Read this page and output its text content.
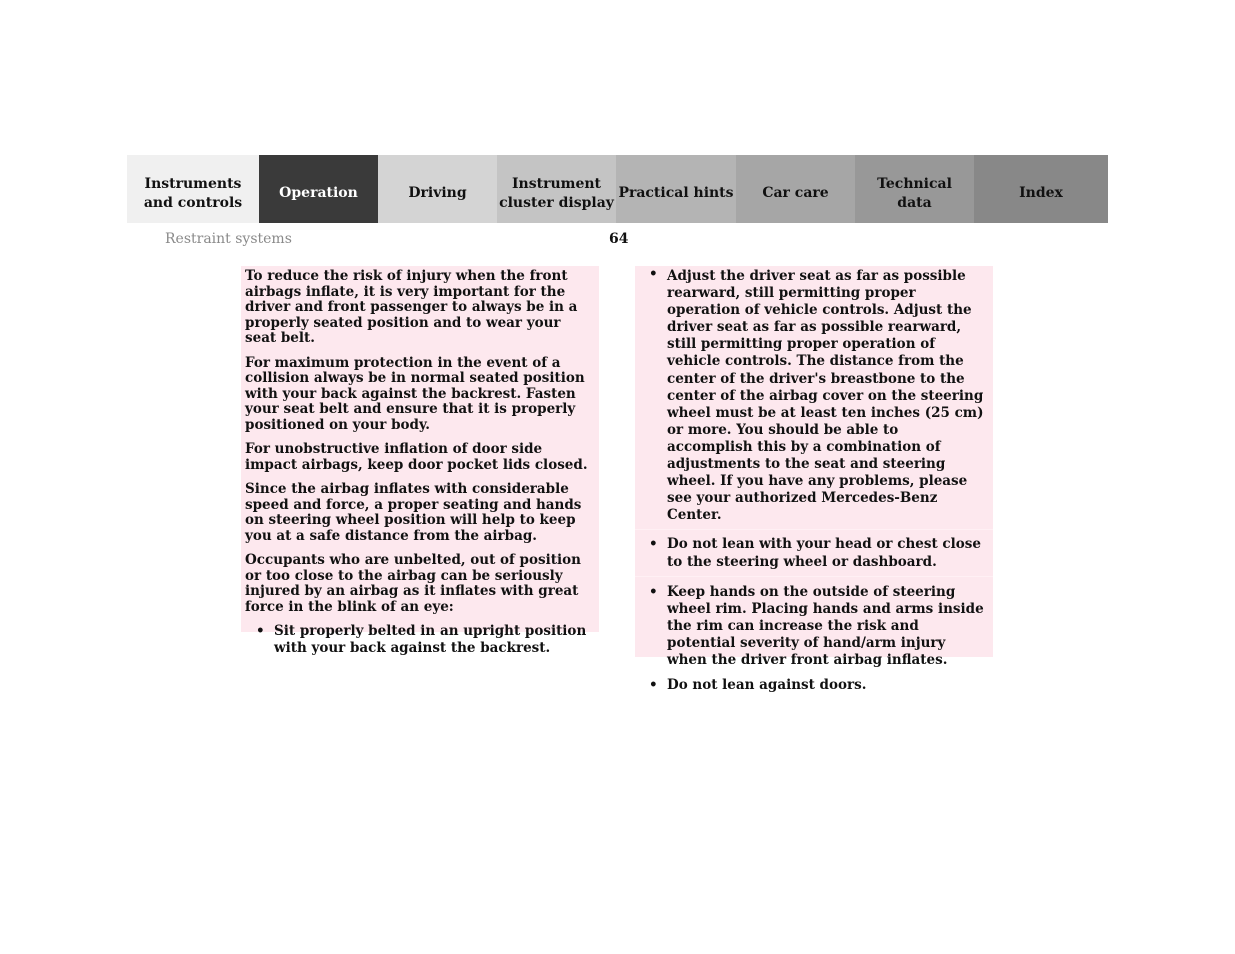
Instruments
and controls
Operation	Driving
Instrument
cluster display
Practical hints Car care
Technical
data
Index
Restraint systems	64

To reduce the risk of injury when the front airbags inflate, it is very important for the driver and front passenger to always be in a properly seated position and to wear your seat belt.

For maximum protection in the event of a collision always be in normal seated position with your back against the backrest. Fasten your seat belt and ensure that it is properly positioned on your body.

For unobstructive inflation of door side impact airbags, keep door pocket lids closed.

Since the airbag inflates with considerable speed and force, a proper seating and hands on steering wheel position will help to keep you at a safe distance from the airbag.

Occupants who are unbelted, out of position or too close to the airbag can be seriously injured by an airbag as it inflates with great force in the blink of an eye:

• Sit properly belted in an upright position with your back against the backrest.
• Adjust the driver seat as far as possible rearward, still permitting proper operation of vehicle controls. Adjust the driver seat as far as possible rearward, still permitting proper operation of vehicle controls. The distance from the center of the driver's breastbone to the center of the airbag cover on the steering wheel must be at least ten inches (25 cm) or more. You should be able to accomplish this by a combination of adjustments to the seat and steering wheel. If you have any problems, please see your authorized Mercedes-Benz Center.
• Do not lean with your head or chest close to the steering wheel or dashboard.
• Keep hands on the outside of steering wheel rim. Placing hands and arms inside the rim can increase the risk and potential severity of hand/arm injury when the driver front airbag inflates.
• Do not lean against doors.
